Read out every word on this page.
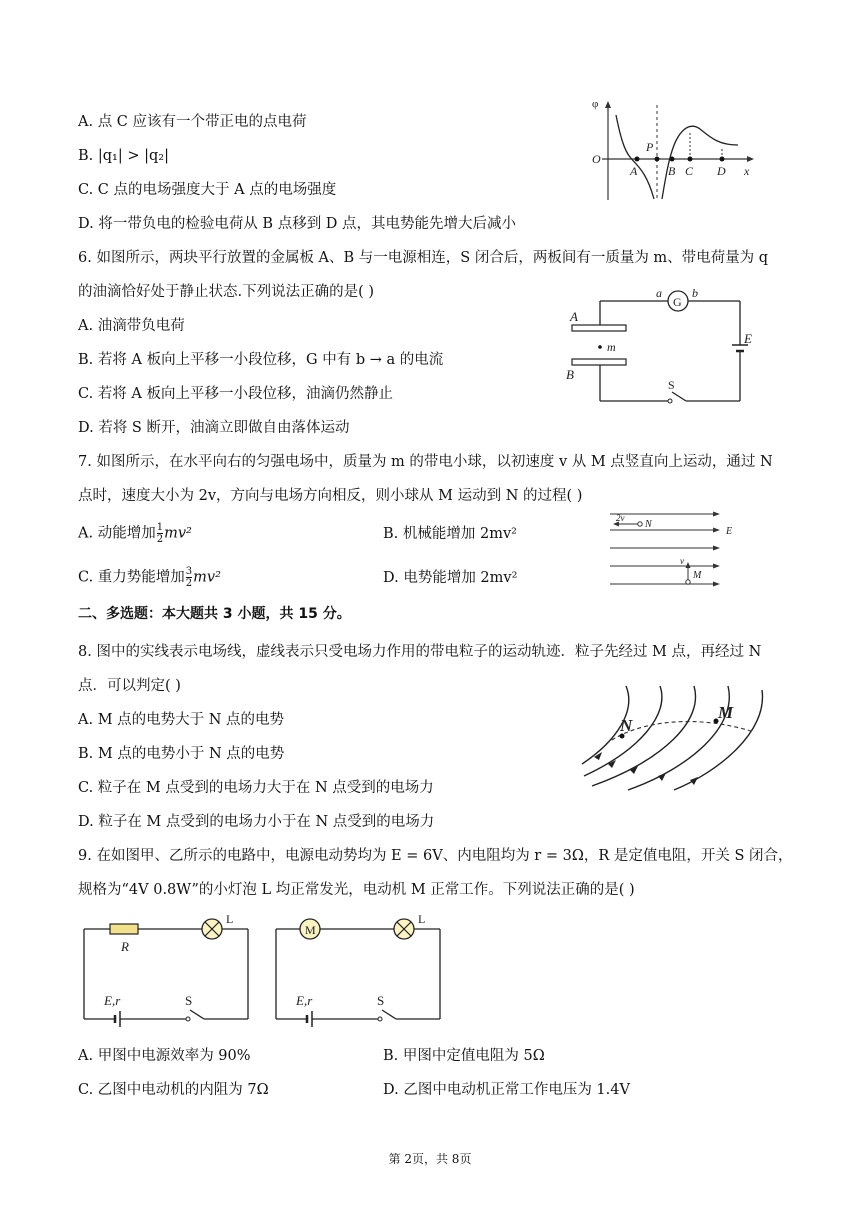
A. 点 C 应该有一个带正电的点电荷
B. |q₁| > |q₂|
C. C 点的电场强度大于 A 点的电场强度
D. 将一带负电的检验电荷从 B 点移到 D 点，其电势能先增大后减小
φ
O
P
A	B C D x
6. 如图所示，两块平行放置的金属板 A、B 与一电源相连，S 闭合后，两板间有一质量为 m、带电荷量为 q
的油滴恰好处于静止状态.下列说法正确的是( )
A. 油滴带负电荷
B. 若将 A 板向上平移一小段位移，G 中有 b → a 的电流
C. 若将 A 板向上平移一小段位移，油滴仍然静止
D. 若将 S 断开，油滴立即做自由落体运动
a
G
b
A
m
B
E
S
7. 如图所示，在水平向右的匀强电场中，质量为 m 的带电小球，以初速度 v 从 M 点竖直向上运动，通过 N
点时，速度大小为 2v，方向与电场方向相反，则小球从 M 运动到 N 的过程( )
A. 动能增加 $\frac{1}{2} mv^2$	B. 机械能增加 2mv²
C. 重力势能增加 $\frac{3}{2} mv^2$	D. 电势能增加 2mv²
2v
N
E
v
M
二、多选题：本大题共 3 小题，共 15 分。
8. 图中的实线表示电场线，虚线表示只受电场力作用的带电粒子的运动轨迹．粒子先经过 M 点，再经过 N
点．可以判定( )
A. M 点的电势大于 N 点的电势
B. M 点的电势小于 N 点的电势
C. 粒子在 M 点受到的电场力大于在 N 点受到的电场力
D. 粒子在 M 点受到的电场力小于在 N 点受到的电场力
N
M
9. 在如图甲、乙所示的电路中，电源电动势均为 E = 6V、内电阻均为 r = 3Ω，R 是定值电阻，开关 S 闭合，
规格为“4V 0.8W”的小灯泡 L 均正常发光，电动机 M 正常工作。下列说法正确的是( )
R
L
E,r	S
M
L
E,r	S
A. 甲图中电源效率为 90%	B. 甲图中定值电阻为 5Ω
C. 乙图中电动机的内阻为 7Ω	D. 乙图中电动机正常工作电压为 1.4V
第 2页，共 8页
